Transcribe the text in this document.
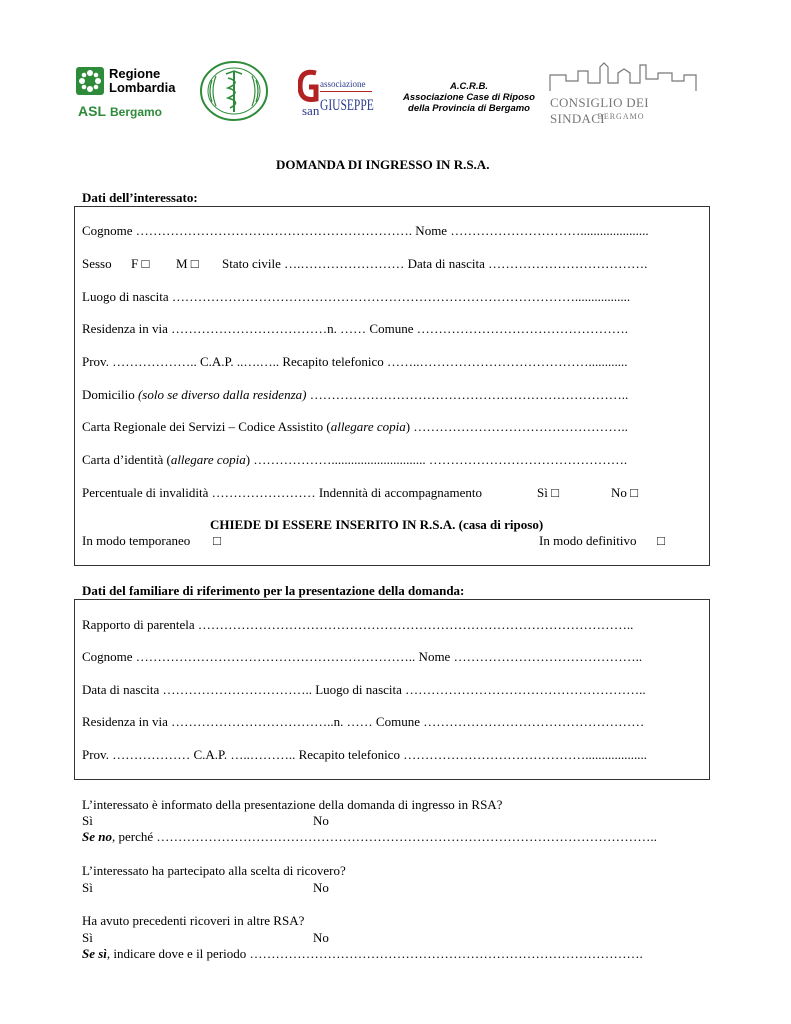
Regione
Lombardia
ASL Bergamo
associazione
san GIUSEPPE
A.C.R.B.
Associazione Case di Riposo
della Provincia di Bergamo	CONSIGLIO DEI SINDACI
BERGAMO
DOMANDA DI INGRESSO IN R.S.A.
Dati dell’interessato:
Cognome ………………………………………………………. Nome ………………………….....................
Sesso F □ M □ Stato civile ….…………………… Data di nascita ……………………………….
Luogo di nascita ………………………………………………………………………………….................
Residenza in via ………………………………n. …… Comune ………………………………………….
Prov. ……………….. C.A.P. ..….….. Recapito telefonico ……..…………………………………............
Domicilio (solo se diverso dalla residenza) ………………………………………………………………..
Carta Regionale dei Servizi – Codice Assistito (allegare copia) …………………………………………..
Carta d’identità (allegare copia) ………………............................. ……………………………………….
Percentuale di invalidità …………………… Indennità di accompagnamento	Sì □	No □
CHIEDE DI ESSERE INSERITO IN R.S.A. (casa di riposo)
In modo temporaneo □	In modo definitivo □
Dati del familiare di riferimento per la presentazione della domanda:
Rapporto di parentela ………………………………………………………………………………………..
Cognome ……………………………………………………….. Nome ……………………………………..
Data di nascita …………………………….. Luogo di nascita ………………………………………………..
Residenza in via ………………………………..n. …… Comune ……………………………………………
Prov. ……………… C.A.P. …..……….. Recapito telefonico ……………………………………...................
L’interessato è informato della presentazione della domanda di ingresso in RSA?
Sì	No
Se no, perché ……………………………………………………………………………………………………..
L’interessato ha partecipato alla scelta di ricovero?
Sì	No
Ha avuto precedenti ricoveri in altre RSA?
Sì	No
Se sì, indicare dove e il periodo ……………………………………………………………………………….
